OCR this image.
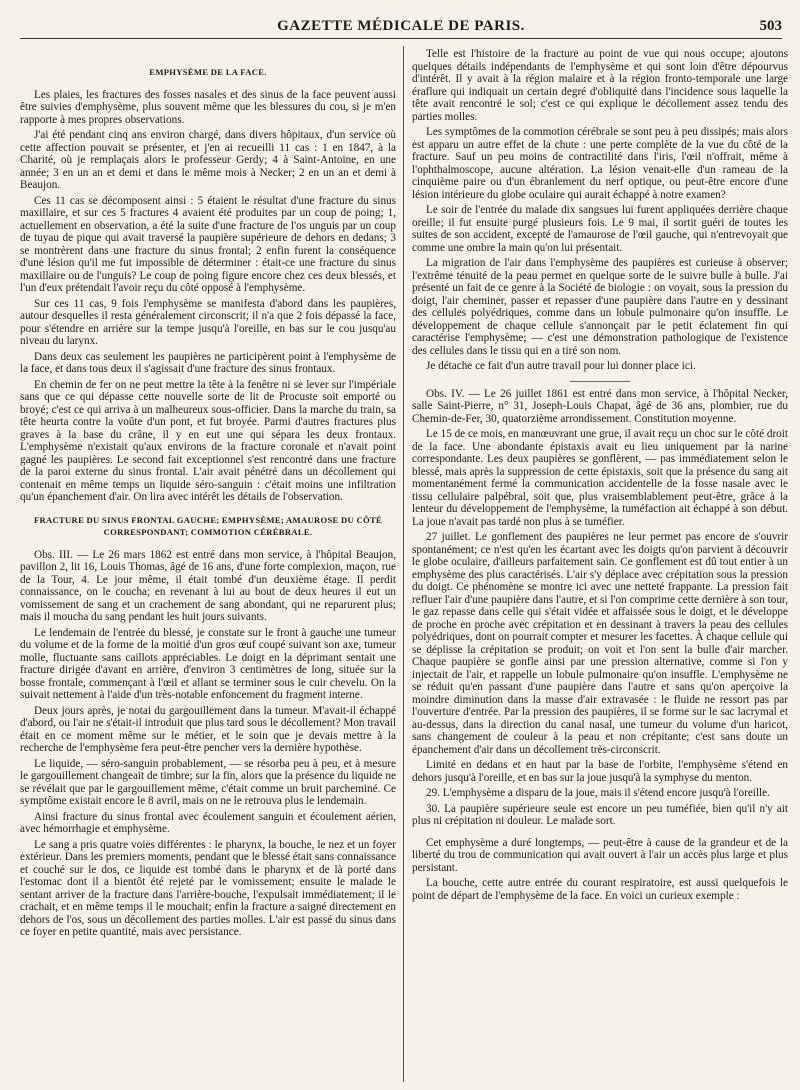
GAZETTE MÉDICALE DE PARIS.	503
EMPHYSÈME DE LA FACE.

Les plaies, les fractures des fosses nasales et des sinus de la face peuvent aussi être suivies d'emphysème, plus souvent même que les blessures du cou, si je m'en rapporte à mes propres observations.

J'ai été pendant cinq ans environ chargé, dans divers hôpitaux, d'un service où cette affection pouvait se présenter, et j'en ai recueilli 11 cas : 1 en 1847, à la Charité, où je remplaçais alors le professeur Gerdy; 4 à Saint-Antoine, en une année; 3 en un an et demi et dans le même mois à Necker; 2 en un an et demi à Beaujon.

Ces 11 cas se décomposent ainsi : 5 étaient le résultat d'une fracture du sinus maxillaire, et sur ces 5 fractures 4 avaient été produites par un coup de poing; 1, actuellement en observation, a été la suite d'une fracture de l'os unguis par un coup de tuyau de pique qui avait traversé la paupière supérieure de dehors en dedans; 3 se montrèrent dans une fracture du sinus frontal; 2 enfin furent la conséquence d'une lésion qu'il me fut impossible de déterminer : était-ce une fracture du sinus maxillaire ou de l'unguis? Le coup de poing figure encore chez ces deux blessés, et l'un d'eux prétendait l'avoir reçu du côté opposé à l'emphysème.

Sur ces 11 cas, 9 fois l'emphysème se manifesta d'abord dans les paupières, autour desquelles il resta généralement circonscrit; il n'a que 2 fois dépassé la face, pour s'étendre en arrière sur la tempe jusqu'à l'oreille, en bas sur le cou jusqu'au niveau du larynx.

Dans deux cas seulement les paupières ne participèrent point à l'emphysème de la face, et dans tous deux il s'agissait d'une fracture des sinus frontaux.

En chemin de fer on ne peut mettre la tête à la fenêtre ni se lever sur l'impériale sans que ce qui dépasse cette nouvelle sorte de lit de Procuste soit emporté ou broyé; c'est ce qui arriva à un malheureux sous-officier. Dans la marche du train, sa tête heurta contre la voûte d'un pont, et fut broyée. Parmi d'autres fractures plus graves à la base du crâne, il y en eut une qui sépara les deux frontaux. L'emphysème n'existait qu'aux environs de la fracture coronale et n'avait point gagné les paupières. Le second fait exceptionnel s'est rencontré dans une fracture de la paroi externe du sinus frontal. L'air avait pénétré dans un décollement qui contenait en même temps un liquide séro-sanguin : c'était moins une infiltration qu'un épanchement d'air. On lira avec intérêt les détails de l'observation.

FRACTURE DU SINUS FRONTAL GAUCHE; EMPHYSÈME; AMAUROSE DU CÔTÉ CORRESPONDANT; COMMOTION CÉRÉBRALE.

Obs. III. — Le 26 mars 1862 est entré dans mon service, à l'hôpital Beaujon, pavillon 2, lit 16, Louis Thomas, âgé de 16 ans, d'une forte complexion, maçon, rue de la Tour, 4. Le jour même, il était tombé d'un deuxième étage. Il perdit connaissance, on le coucha; en revenant à lui au bout de deux heures il eut un vomissement de sang et un crachement de sang abondant, qui ne reparurent plus; mais il moucha du sang pendant les huit jours suivants.

Le lendemain de l'entrée du blessé, je constate sur le front à gauche une tumeur du volume et de la forme de la moitié d'un gros œuf coupé suivant son axe, tumeur molle, fluctuante sans caillots appréciables. Le doigt en la déprimant sentait une fracture dirigée d'avant en arrière, d'environ 3 centimètres de long, située sur la bosse frontale, commençant à l'œil et allant se terminer sous le cuir chevelu. On la suivait nettement à l'aide d'un très-notable enfoncement du fragment interne.

Deux jours après, je notai du gargouillement dans la tumeur. M'avait-il échappé d'abord, ou l'air ne s'était-il introduit que plus tard sous le décollement? Mon travail était en ce moment même sur le métier, et le soin que je devais mettre à la recherche de l'emphysème fera peut-être pencher vers la dernière hypothèse.

Le liquide, — séro-sanguin probablement, — se résorba peu à peu, et à mesure le gargouillement changeait de timbre; sur la fin, alors que la présence du liquide ne se révélait que par le gargouillement même, c'était comme un bruit parcheminé. Ce symptôme existait encore le 8 avril, mais on ne le retrouva plus le lendemain.

Ainsi fracture du sinus frontal avec écoulement sanguin et écoulement aérien, avec hémorrhagie et emphysème.

Le sang a pris quatre voies différentes : le pharynx, la bouche, le nez et un foyer extérieur. Dans les premiers moments, pendant que le blessé était sans connaissance et couché sur le dos, ce liquide est tombé dans le pharynx et de là porté dans l'estomac dont il a bientôt été rejeté par le vomissement; ensuite le malade le sentant arriver de la fracture dans l'arrière-bouche, l'expulsait immédiatement; il le crachait, et en même temps il le mouchait; enfin la fracture a saigné directement en dehors de l'os, sous un décollement des parties molles. L'air est passé du sinus dans ce foyer en petite quantité, mais avec persistance.

Telle est l'histoire de la fracture au point de vue qui nous occupe; ajoutons quelques détails indépendants de l'emphysème et qui sont loin d'être dépourvus d'intérêt. Il y avait à la région malaire et à la région fronto-temporale une large éraflure qui indiquait un certain degré d'obliquité dans l'incidence sous laquelle la tête avait rencontré le sol; c'est ce qui explique le décollement assez tendu des parties molles.

Les symptômes de la commotion cérébrale se sont peu à peu dissipés; mais alors est apparu un autre effet de la chute : une perte complète de la vue du côté de la fracture. Sauf un peu moins de contractilité dans l'iris, l'œil n'offrait, même à l'ophthalmoscope, aucune altération. La lésion venait-elle d'un rameau de la cinquième paire ou d'un ébranlement du nerf optique, ou peut-être encore d'une lésion intérieure du globe oculaire qui aurait échappé à notre examen?

Le soir de l'entrée du malade dix sangsues lui furent appliquées derrière chaque oreille; il fut ensuite purgé plusieurs fois. Le 9 mai, il sortit guéri de toutes les suites de son accident, excepté de l'amaurose de l'œil gauche, qui n'entrevoyait que comme une ombre la main qu'on lui présentait.

La migration de l'air dans l'emphysème des paupières est curieuse à observer; l'extrême ténuité de la peau permet en quelque sorte de le suivre bulle à bulle. J'ai présenté un fait de ce genre à la Société de biologie : on voyait, sous la pression du doigt, l'air cheminer, passer et repasser d'une paupière dans l'autre en y dessinant des cellules polyédriques, comme dans un lobule pulmonaire qu'on insuffle. Le développement de chaque cellule s'annonçait par le petit éclatement fin qui caractérise l'emphysème; — c'est une démonstration pathologique de l'existence des cellules dans le tissu qui en a tiré son nom.

Je détache ce fait d'un autre travail pour lui donner place ici.

Obs. IV. — Le 26 juillet 1861 est entré dans mon service, à l'hôpital Necker, salle Saint-Pierre, n° 31, Joseph-Louis Chapat, âgé de 36 ans, plombier, rue du Chemin-de-Fer, 30, quatorzième arrondissement. Constitution moyenne.

Le 15 de ce mois, en manœuvrant une grue, il avait reçu un choc sur le côté droit de la face. Une abondante épistaxis avait eu lieu uniquement par la narine correspondante. Les deux paupières se gonflèrent, — pas immédiatement selon le blessé, mais après la suppression de cette épistaxis, soit que la présence du sang ait momentanément fermé la communication accidentelle de la fosse nasale avec le tissu cellulaire palpébral, soit que, plus vraisemblablement peut-être, grâce à la lenteur du développement de l'emphysème, la tuméfaction ait échappé à son début. La joue n'avait pas tardé non plus à se tuméfier.

27 juillet. Le gonflement des paupières ne leur permet pas encore de s'ouvrir spontanément; ce n'est qu'en les écartant avec les doigts qu'on parvient à découvrir le globe oculaire, d'ailleurs parfaitement sain. Ce gonflement est dû tout entier à un emphysème des plus caractérisés. L'air s'y déplace avec crépitation sous la pression du doigt. Ce phénomène se montre ici avec une netteté frappante. La pression fait refluer l'air d'une paupière dans l'autre, et si l'on comprime cette dernière à son tour, le gaz repasse dans celle qui s'était vidée et affaissée sous le doigt, et le développe de proche en proche avec crépitation et en dessinant à travers la peau des cellules polyédriques, dont on pourrait compter et mesurer les facettes. À chaque cellule qui se déplisse la crépitation se produit; on voit et l'on sent la bulle d'air marcher. Chaque paupière se gonfle ainsi par une pression alternative, comme si l'on y injectait de l'air, et rappelle un lobule pulmonaire qu'on insuffle. L'emphysème ne se réduit qu'en passant d'une paupière dans l'autre et sans qu'on aperçoive la moindre diminution dans la masse d'air extravasée : le fluide ne ressort pas par l'ouverture d'entrée. Par la pression des paupières, il se forme sur le sac lacrymal et au-dessus, dans la direction du canal nasal, une tumeur du volume d'un haricot, sans changement de couleur à la peau et non crépitante; c'est sans doute un épanchement d'air dans un décollement très-circonscrit.

Limité en dedans et en haut par la base de l'orbite, l'emphysème s'étend en dehors jusqu'à l'oreille, et en bas sur la joue jusqu'à la symphyse du menton.

29. L'emphysème a disparu de la joue, mais il s'étend encore jusqu'à l'oreille.

30. La paupière supérieure seule est encore un peu tuméfiée, bien qu'il n'y ait plus ni crépitation ni douleur. Le malade sort.

Cet emphysème a duré longtemps, — peut-être à cause de la grandeur et de la liberté du trou de communication qui avait ouvert à l'air un accès plus large et plus persistant.

La bouche, cette autre entrée du courant respiratoire, est aussi quelquefois le point de départ de l'emphysème de la face. En voici un curieux exemple :
